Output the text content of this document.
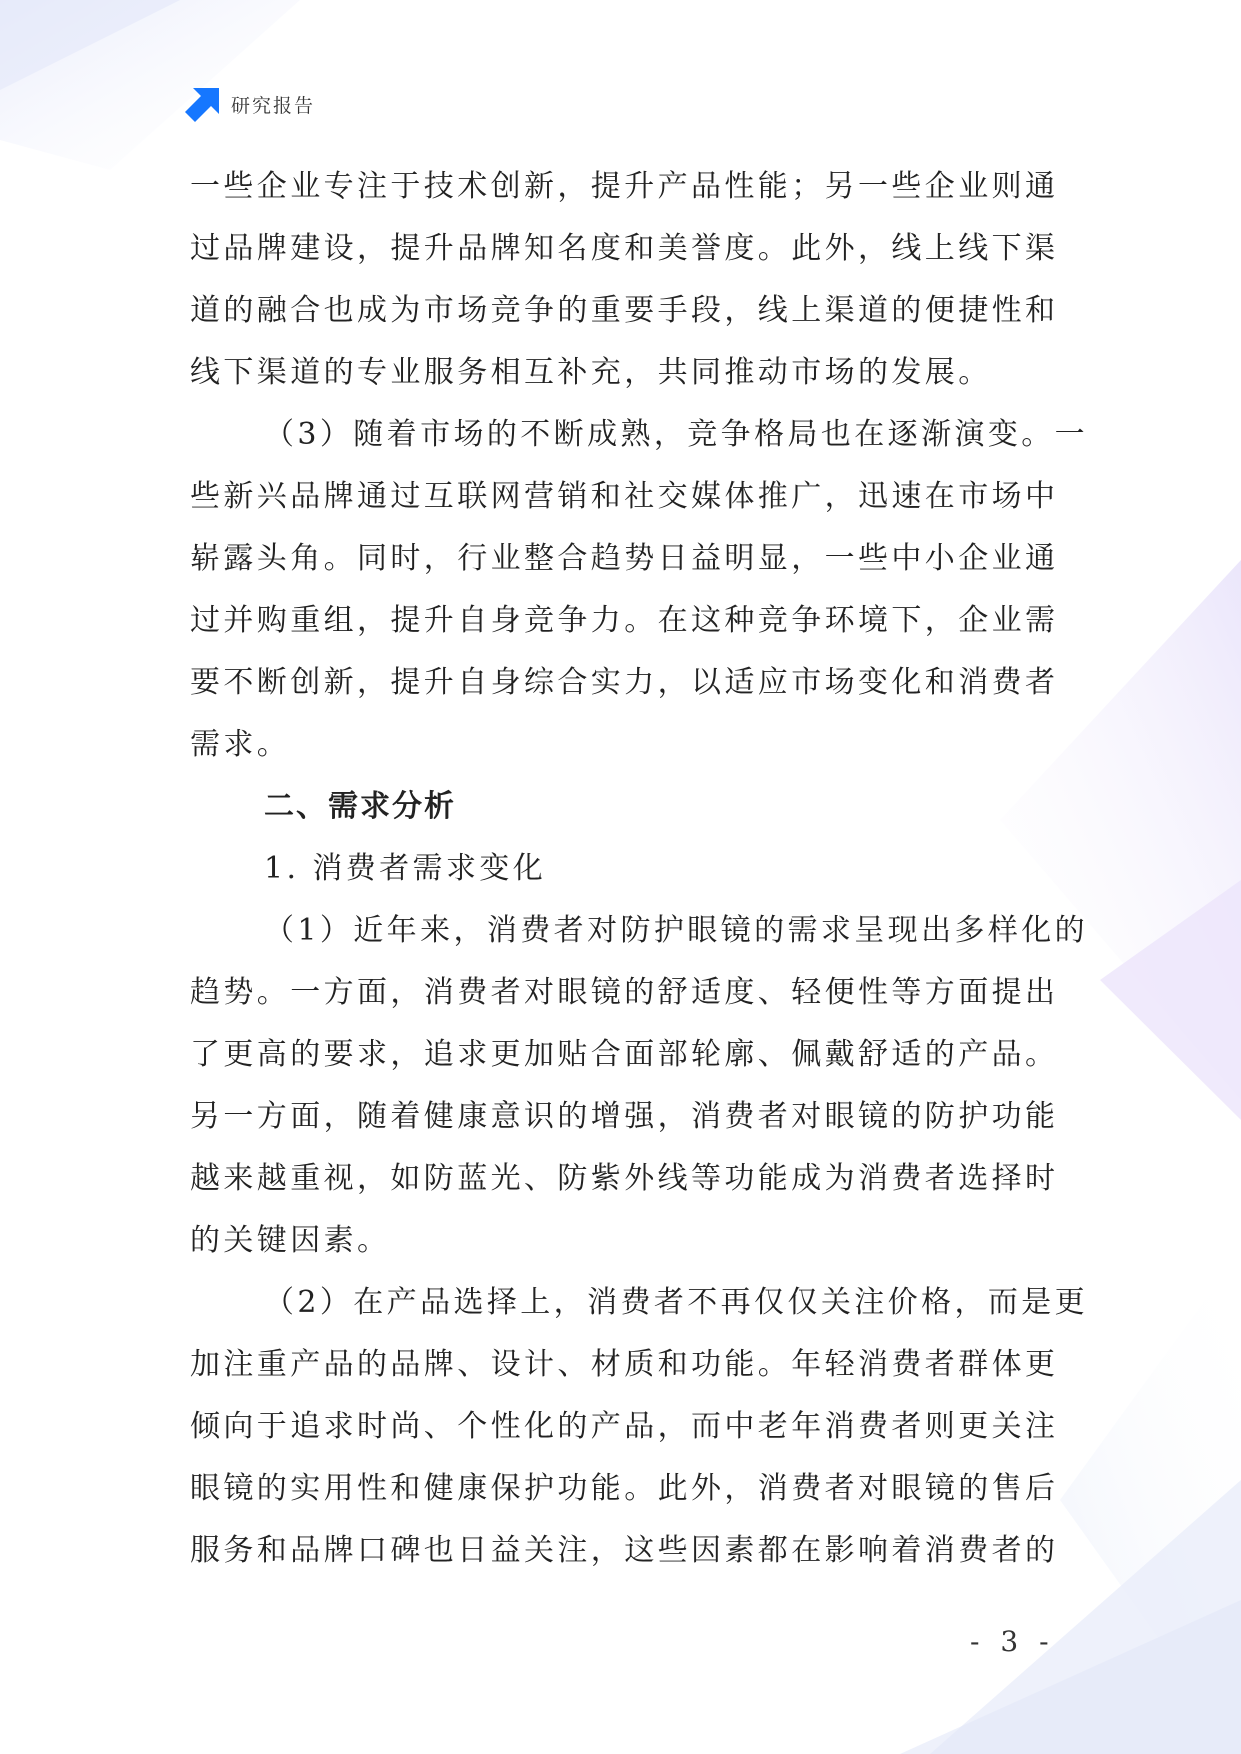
研究报告
一些企业专注于技术创新，提升产品性能；另一些企业则通
过品牌建设，提升品牌知名度和美誉度。此外，线上线下渠
道的融合也成为市场竞争的重要手段，线上渠道的便捷性和
线下渠道的专业服务相互补充，共同推动市场的发展。
（3）随着市场的不断成熟，竞争格局也在逐渐演变。一
些新兴品牌通过互联网营销和社交媒体推广，迅速在市场中
崭露头角。同时，行业整合趋势日益明显，一些中小企业通
过并购重组，提升自身竞争力。在这种竞争环境下，企业需
要不断创新，提升自身综合实力，以适应市场变化和消费者
需求。
二、需求分析
1. 消费者需求变化
（1）近年来，消费者对防护眼镜的需求呈现出多样化的
趋势。一方面，消费者对眼镜的舒适度、轻便性等方面提出
了更高的要求，追求更加贴合面部轮廓、佩戴舒适的产品。
另一方面，随着健康意识的增强，消费者对眼镜的防护功能
越来越重视，如防蓝光、防紫外线等功能成为消费者选择时
的关键因素。
（2）在产品选择上，消费者不再仅仅关注价格，而是更
加注重产品的品牌、设计、材质和功能。年轻消费者群体更
倾向于追求时尚、个性化的产品，而中老年消费者则更关注
眼镜的实用性和健康保护功能。此外，消费者对眼镜的售后
服务和品牌口碑也日益关注，这些因素都在影响着消费者的
- 3 -
